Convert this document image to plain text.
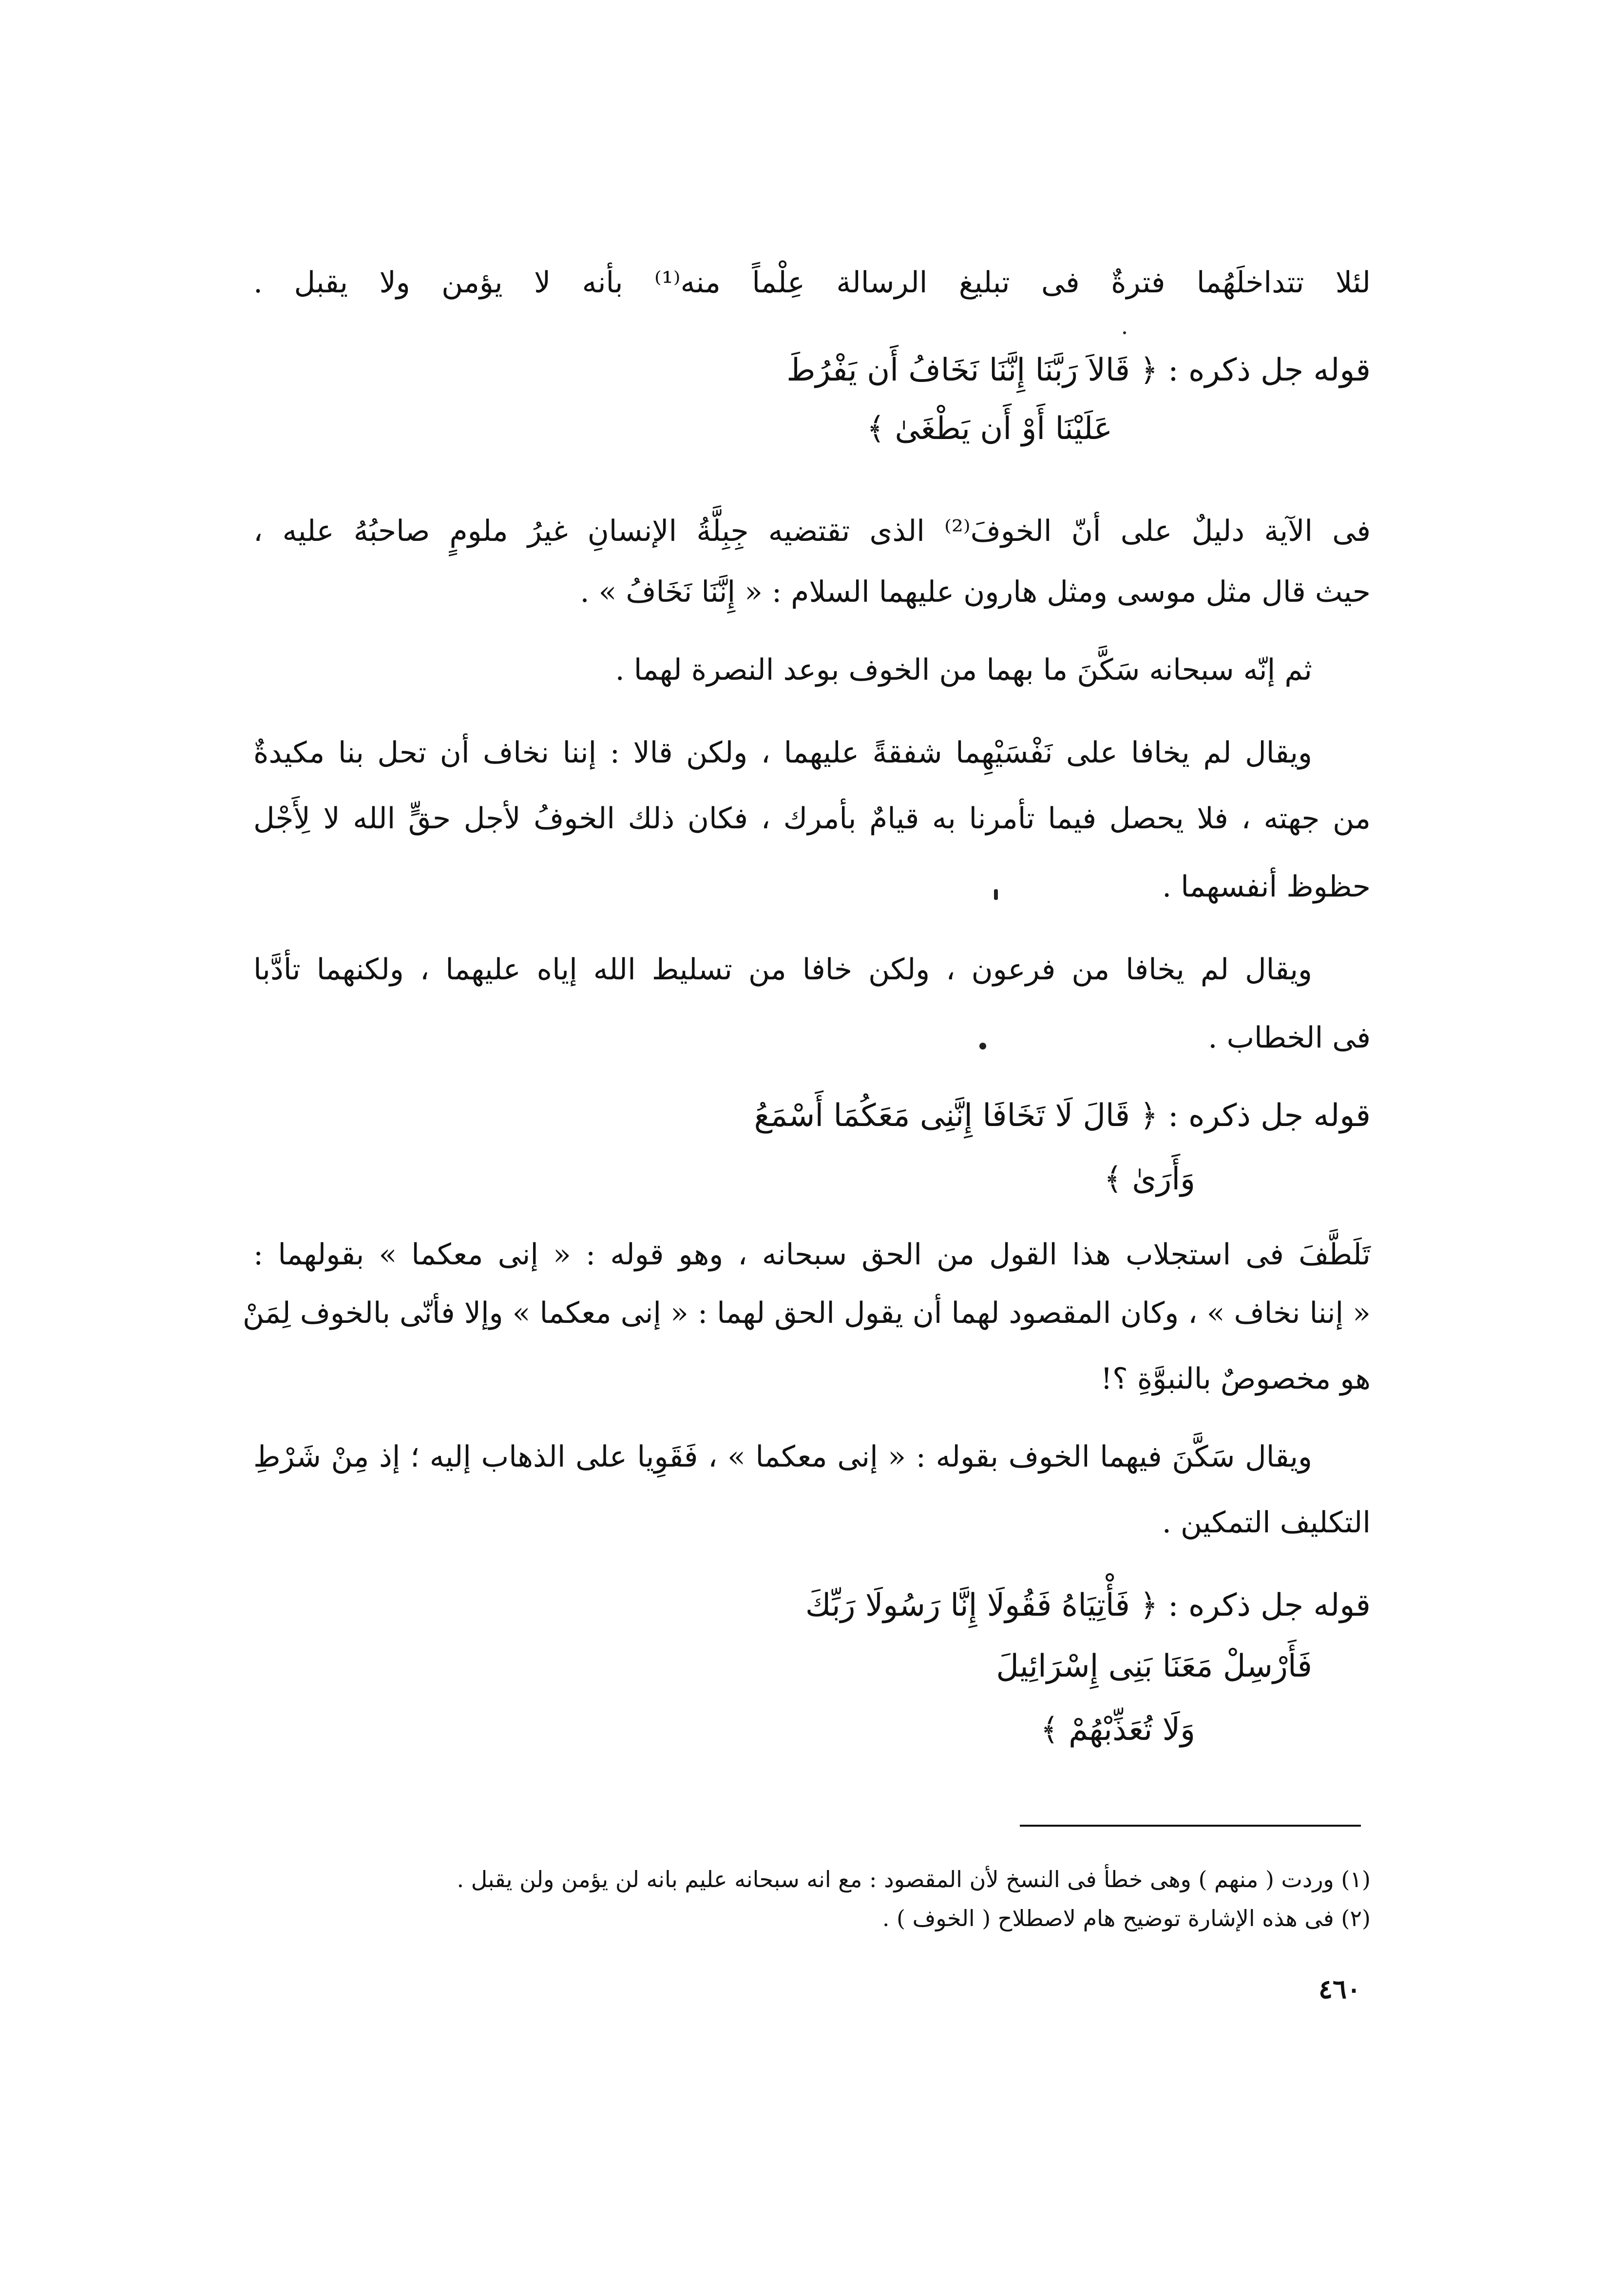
لئلا تتداخلَهُما فترةٌ فى تبليغ الرسالة عِلْماً منه⁽¹⁾ بأنه لا يؤمن ولا يقبل .
قوله جل ذكره : ﴿ قَالاَ رَبَّنَا إِنَّنَا نَخَافُ أَن يَفْرُطَ
عَلَيْنَا أَوْ أَن يَطْغَىٰ ﴾
فى الآية دليلٌ على أنّ الخوفَ⁽²⁾ الذى تقتضيه جِبِلَّةُ الإنسانِ غيرُ ملومٍ صاحبُهُ عليه ،
حيث قال مثل موسى ومثل هارون عليهما السلام : « إِنَّنَا نَخَافُ » .
ثم إنّه سبحانه سَكَّنَ ما بهما من الخوف بوعد النصرة لهما .
ويقال لم يخافا على نَفْسَيْهِما شفقةً عليهما ، ولكن قالا : إننا نخاف أن تحل بنا مكيدةٌ
من جهته ، فلا يحصل فيما تأمرنا به قيامٌ بأمرك ، فكان ذلك الخوفُ لأجل حقٍّ الله لا لِأَجْل
حظوظ أنفسهما .
ويقال لم يخافا من فرعون ، ولكن خافا من تسليط الله إياه عليهما ، ولكنهما تأدَّبا
فى الخطاب .
قوله جل ذكره : ﴿ قَالَ لَا تَخَافَا إِنَّنِى مَعَكُمَا أَسْمَعُ
وَأَرَىٰ ﴾
تَلَطَّفَ فى استجلاب هذا القول من الحق سبحانه ، وهو قوله : « إنى معكما » بقولهما :
« إننا نخاف » ، وكان المقصود لهما أن يقول الحق لهما : « إنى معكما » وإلا فأنّى بالخوف لِمَنْ
هو مخصوصٌ بالنبوَّةِ ؟!
ويقال سَكَّنَ فيهما الخوف بقوله : « إنى معكما » ، فَقَوِيا على الذهاب إليه ؛ إذ مِنْ شَرْطِ
التكليف التمكين .
قوله جل ذكره : ﴿ فَأْتِيَاهُ فَقُولَا إِنَّا رَسُولَا رَبِّكَ
فَأَرْسِلْ مَعَنَا بَنِى إِسْرَائِيلَ
وَلَا تُعَذِّبْهُمْ ﴾
(١) وردت ( منهم ) وهى خطأ فى النسخ لأن المقصود : مع انه سبحانه عليم بانه لن يؤمن ولن يقبل .
(٢) فى هذه الإشارة توضيح هام لاصطلاح ( الخوف ) .
٤٦٠
